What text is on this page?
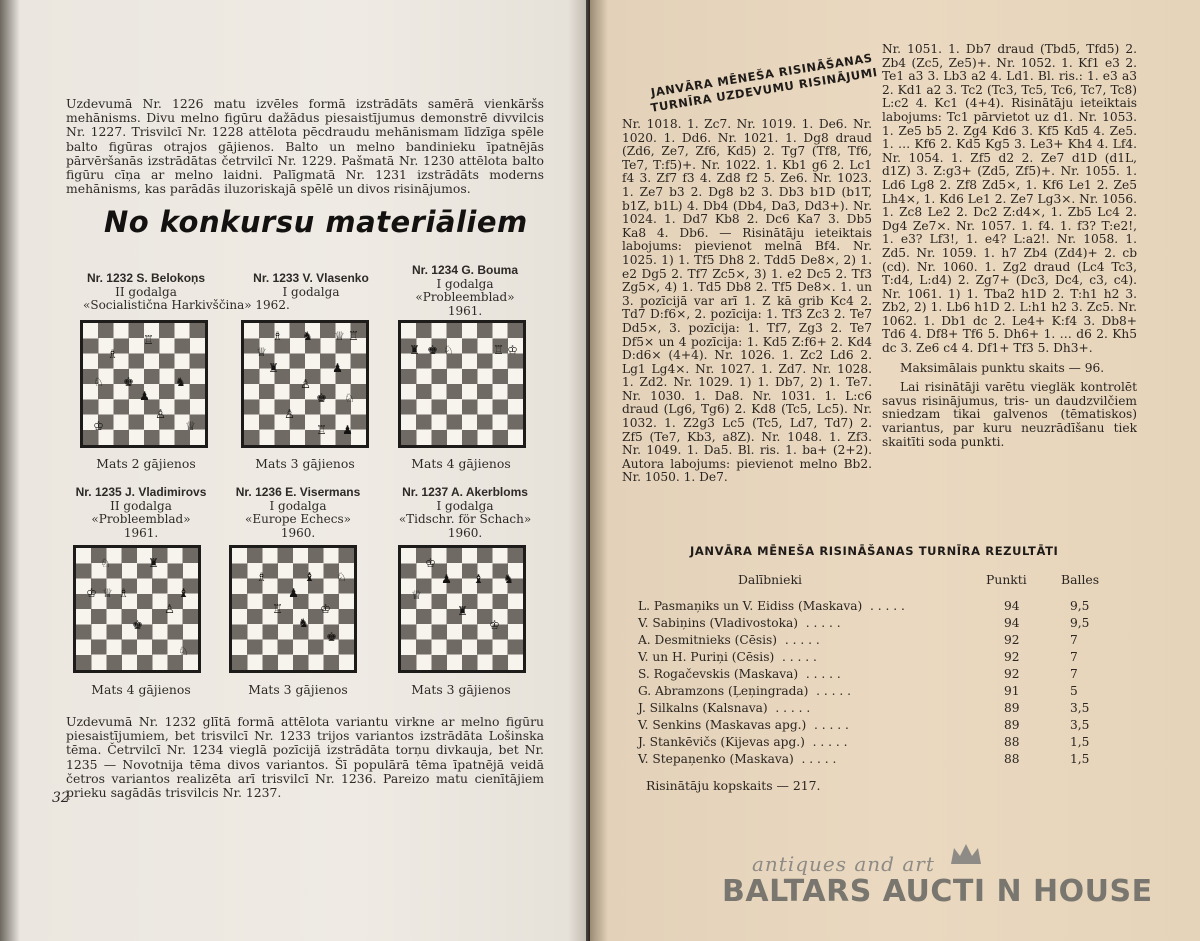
Uzdevumā Nr. 1226 matu izvēles formā izstrādāts samērā vienkāršs mehānisms. Divu melno figūru dažādus piesaistījumus demonstrē divvilcis Nr. 1227. Trisvilcī Nr. 1228 attēlota pēcdraudu mehānismam līdzīga spēle balto figūras otrajos gājienos. Balto un melno bandinieku īpatnējās pārvēršanās izstrādātas četrvilcī Nr. 1229. Pašmatā Nr. 1230 attēlota balto figūru cīņa ar melno laidni. Palīgmatā Nr. 1231 izstrādāts moderns mehānisms, kas parādās iluzoriskajā spēlē un divos risinājumos.
No konkursu materiāliem
Nr. 1232 S. Belokoņs
II godalga
«Socialistična Harkivščina» 1962.
Nr. 1233 V. Vlasenko
I godalga
Nr. 1234 G. Bouma
I godalga
«Probleemblad» 1961.
♗
♖
♚
♟
♞
♘
♙
♔	♕
♗ ♞ ♕ ♖
♕
♜	♟
♙
♚ ♘
♙
♖ ♟
♜ ♚ ♘	♖ ♔
Mats 2 gājienos	Mats 3 gājienos	Mats 4 gājienos
Nr. 1235 J. Vladimirovs
II godalga
«Probleemblad» 1961.
Nr. 1236 E. Visermans
I godalga
«Europe Echecs» 1960.
Nr. 1237 A. Akerbloms
I godalga
«Tidschr. för Schach» 1960.
♘	♜
♔ ♕ ♗	♝
♚
♙
♘
♗	♝ ♘
♟
♔
♖
♞
♚
♔
♟ ♝ ♞
♕
♜
♔
Mats 4 gājienos	Mats 3 gājienos	Mats 3 gājienos
Uzdevumā Nr. 1232 glītā formā attēlota variantu virkne ar melno figūru piesaistījumiem, bet trisvilcī Nr. 1233 trijos variantos izstrādāta Lošinska tēma. Četrvilcī Nr. 1234 vieglā pozīcijā izstrādāta torņu divkauja, bet Nr. 1235 — Novotnija tēma divos variantos. Šī populārā tēma īpatnējā veidā četros variantos realizēta arī trisvilcī Nr. 1236. Pareizo matu cienītājiem prieku sagādās trisvilcis Nr. 1237.
32
JANVĀRA MĒNEŠA RISINĀŠANAS TURNĪRA UZDEVUMU RISINĀJUMI
Nr. 1018. 1. Zc7. Nr. 1019. 1. De6. Nr. 1020. 1. Dd6. Nr. 1021. 1. Dg8 draud (Zd6, Ze7, Zf6, Kd5) 2. Tg7 (Tf8, Tf6, Te7, T:f5)+. Nr. 1022. 1. Kb1 g6 2. Lc1 f4 3. Zf7 f3 4. Zd8 f2 5. Ze6. Nr. 1023. 1. Ze7 b3 2. Dg8 b2 3. Db3 b1D (b1T, b1Z, b1L) 4. Db4 (Db4, Da3, Dd3+). Nr. 1024. 1. Dd7 Kb8 2. Dc6 Ka7 3. Db5 Ka8 4. Db6. — Risinātāju ieteiktais labojums: pievienot melnā Bf4. Nr. 1025. 1) 1. Tf5 Dh8 2. Tdd5 De8×, 2) 1. e2 Dg5 2. Tf7 Zc5×, 3) 1. e2 Dc5 2. Tf3 Zg5×, 4) 1. Td5 Db8 2. Tf5 De8×. 1. un 3. pozīcijā var arī 1. Z kā grib Kc4 2. Td7 D:f6×, 2. pozīcija: 1. Tf3 Zc3 2. Te7 Dd5×, 3. pozīcija: 1. Tf7, Zg3 2. Te7 Df5× un 4 pozīcija: 1. Kd5 Z:f6+ 2. Kd4 D:d6× (4+4). Nr. 1026. 1. Zc2 Ld6 2. Lg1 Lg4×. Nr. 1027. 1. Zd7. Nr. 1028. 1. Zd2. Nr. 1029. 1) 1. Db7, 2) 1. Te7. Nr. 1030. 1. Da8. Nr. 1031. 1. L:c6 draud (Lg6, Tg6) 2. Kd8 (Tc5, Lc5). Nr. 1032. 1. Z2g3 Lc5 (Tc5, Ld7, Td7) 2. Zf5 (Te7, Kb3, a8Z). Nr. 1048. 1. Zf3. Nr. 1049. 1. Da5. Bl. ris. 1. ba+ (2+2). Autora labojums: pievienot melno Bb2. Nr. 1050. 1. De7.
Nr. 1051. 1. Db7 draud (Tbd5, Tfd5) 2. Zb4 (Zc5, Ze5)+. Nr. 1052. 1. Kf1 e3 2. Te1 a3 3. Lb3 a2 4. Ld1. Bl. ris.: 1. e3 a3 2. Kd1 a2 3. Tc2 (Tc3, Tc5, Tc6, Tc7, Tc8) L:c2 4. Kc1 (4+4). Risinātāju ieteiktais labojums: Tc1 pārvietot uz d1. Nr. 1053. 1. Ze5 b5 2. Zg4 Kd6 3. Kf5 Kd5 4. Ze5. 1. … Kf6 2. Kd5 Kg5 3. Le3+ Kh4 4. Lf4. Nr. 1054. 1. Zf5 d2 2. Ze7 d1D (d1L, d1Z) 3. Z:g3+ (Zd5, Zf5)+. Nr. 1055. 1. Ld6 Lg8 2. Zf8 Zd5×, 1. Kf6 Le1 2. Ze5 Lh4×, 1. Kd6 Le1 2. Ze7 Lg3×. Nr. 1056. 1. Zc8 Le2 2. Dc2 Z:d4×, 1. Zb5 Lc4 2. Dg4 Ze7×. Nr. 1057. 1. f4. 1. f3? T:e2!, 1. e3? Lf3!, 1. e4? L:a2!. Nr. 1058. 1. Zd5. Nr. 1059. 1. h7 Zb4 (Zd4)+ 2. cb (cd). Nr. 1060. 1. Zg2 draud (Lc4 Tc3, T:d4, L:d4) 2. Zg7+ (Dc3, Dc4, c3, c4). Nr. 1061. 1) 1. Tba2 h1D 2. T:h1 h2 3. Zb2, 2) 1. Lb6 h1D 2. L:h1 h2 3. Zc5. Nr. 1062. 1. Db1 dc 2. Le4+ K:f4 3. Db8+ Td6 4. Df8+ Tf6 5. Dh6+ 1. … d6 2. Kh5 dc 3. Ze6 c4 4. Df1+ Tf3 5. Dh3+.
Maksimālais punktu skaits — 96.
Lai risinātāji varētu viegläk kontrolēt savus risinājumus, tris- un daudzvilčiem sniedzam tikai galvenos (tēmatiskos) variantus, par kuru neuzrādīšanu tiek skaitīti soda punkti.
JANVĀRA MĒNEŠA RISINĀŠANAS TURNĪRA REZULTĀTI
Dalībnieki	Punkti	Balles
L. Pasmaņiks un V. Eidiss (Maskava) . . . . .	94	9,5
V. Sabiņins (Vladivostoka) . . . . .	94	9,5
A. Desmitnieks (Cēsis) . . . . .	92	7
V. un H. Puriņi (Cēsis) . . . . .	92	7
S. Rogačevskis (Maskava) . . . . .	92	7
G. Abramzons (Ļeņingrada) . . . . .	91	5
J. Silkalns (Kalsnava) . . . . .	89	3,5
V. Senkins (Maskavas apg.) . . . . .	89	3,5
J. Stankēvičs (Kijevas apg.) . . . . .	88	1,5
V. Stepaņenko (Maskava) . . . . .	88	1,5
Risinātāju kopskaits — 217.
antiques and art
BALTARS AUCTI N HOUSE
